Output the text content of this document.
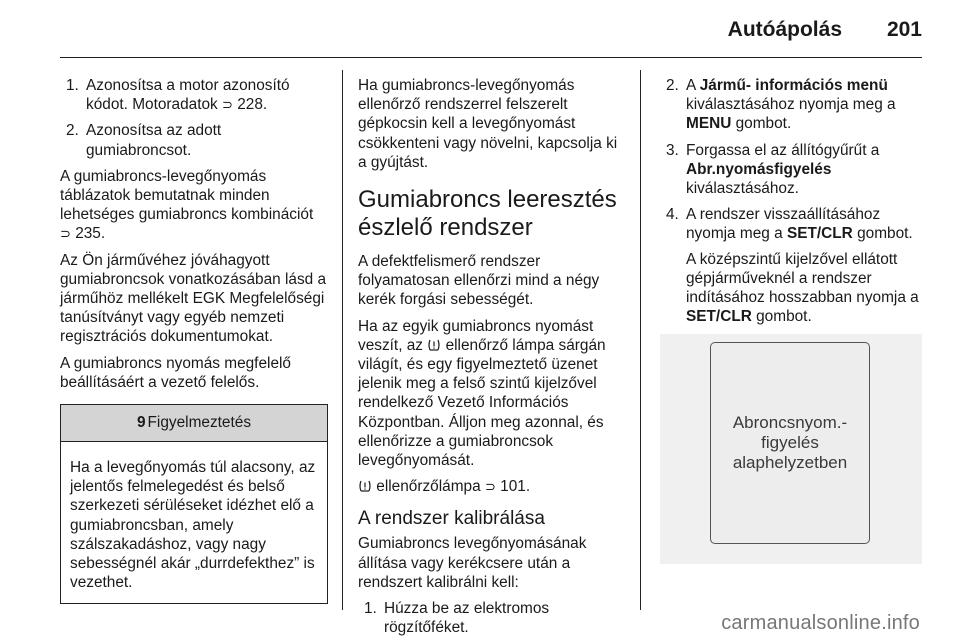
Autóápolás 201
1. Azonosítsa a motor azonosító kódot. Motoradatok ⊃ 228.
2. Azonosítsa az adott gumiabroncsot.

A gumiabroncs-levegőnyomás táblázatok bemutatnak minden lehetséges gumiabroncs kombinációt ⊃ 235.

Az Ön járművéhez jóváhagyott gumiabroncsok vonatkozásában lásd a járműhöz mellékelt EGK Megfelelőségi tanúsítványt vagy egyéb nemzeti regisztrációs dokumentumokat.

A gumiabroncs nyomás megfelelő beállításáért a vezető felelős.

9 Figyelmeztetés
Ha a levegőnyomás túl alacsony, az jelentős felmelegedést és belső szerkezeti sérüléseket idézhet elő a gumiabroncsban, amely szálszakadáshoz, vagy nagy sebességnél akár „durrdefekthez” is vezethet.

Ha gumiabroncs-levegőnyomás ellenőrző rendszerrel felszerelt gépkocsin kell a levegőnyomást csökkenteni vagy növelni, kapcsolja ki a gyújtást.

Gumiabroncs leeresztés észlelő rendszer

A defektfelismerő rendszer folyamatosan ellenőrzi mind a négy kerék forgási sebességét.

Ha az egyik gumiabroncs nyomást veszít, az ellenőrző lámpa sárgán világít, és egy figyelmeztető üzenet jelenik meg a felső szintű kijelzővel rendelkező Vezető Információs Központban. Álljon meg azonnal, és ellenőrizze a gumiabroncsok levegőnyomását.

ellenőrzőlámpa ⊃ 101.

A rendszer kalibrálása

Gumiabroncs levegőnyomásának állítása vagy kerékcsere után a rendszert kalibrálni kell:

1. Húzza be az elektromos rögzítőféket.
2. A Jármű- információs menü kiválasztásához nyomja meg a MENU gombot.
3. Forgassa el az állítógyűrűt a Abr.nyomásfigyelés kiválasztásához.
4. A rendszer visszaállításához nyomja meg a SET/CLR gombot.

A középszintű kijelzővel ellátott gépjárműveknél a rendszer indításához hosszabban nyomja a SET/CLR gombot.

Abroncsnyom.-
figyelés
alaphelyzetben
carmanualsonline.info
